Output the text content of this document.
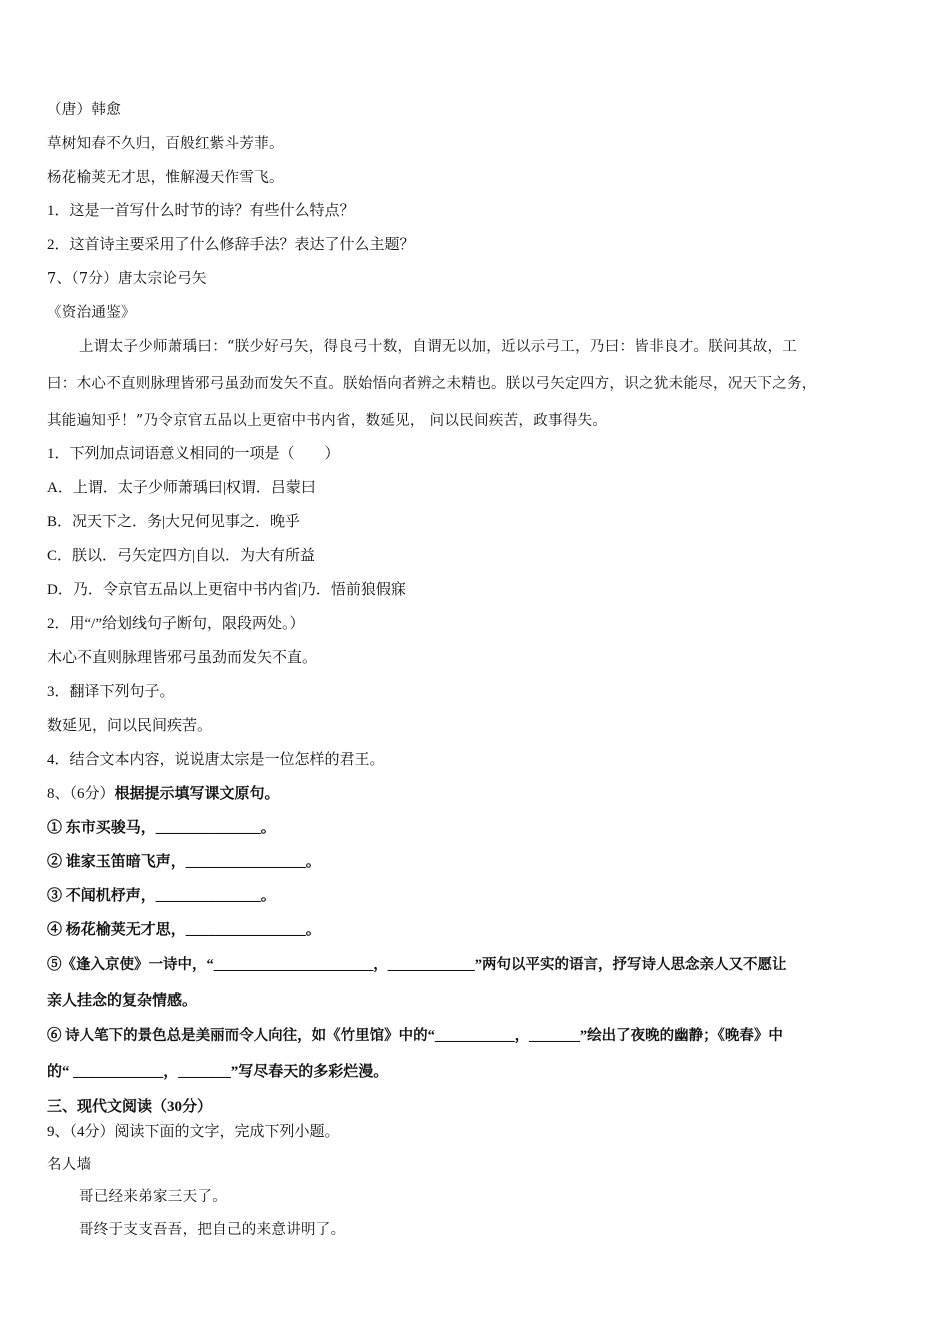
（唐）韩愈
草树知春不久归，百般红紫斗芳菲。
杨花榆荚无才思，惟解漫天作雪飞。
1．这是一首写什么时节的诗？有些什么特点？
2．这首诗主要采用了什么修辞手法？表达了什么主题？
7、（7分）唐太宗论弓矢
《资治通鉴》
上谓太子少师萧瑀曰：“朕少好弓矢，得良弓十数，自谓无以加，近以示弓工，乃曰：皆非良才。朕问其故，工
曰：木心不直则脉理皆邪弓虽劲而发矢不直。朕始悟向者辨之未精也。朕以弓矢定四方，识之犹未能尽，况天下之务，
其能遍知乎！”乃令京官五品以上更宿中书内省，数延见， 问以民间疾苦，政事得失。
1．下列加点词语意义相同的一项是（　　）
A．上谓．太子少师萧瑀曰|权谓．吕蒙曰
B．况天下之．务|大兄何见事之．晚乎
C．朕以．弓矢定四方|自以．为大有所益
D．乃．令京官五品以上更宿中书内省|乃．悟前狼假寐
2．用“/”给划线句子断句，限段两处。）
木心不直则脉理皆邪弓虽劲而发矢不直。
3．翻译下列句子。
数延见，问以民间疾苦。
4．结合文本内容，说说唐太宗是一位怎样的君王。
8、（6分）根据提示填写课文原句。
① 东市买骏马，______________。
② 谁家玉笛暗飞声，________________。
③ 不闻机杼声，______________。
④ 杨花榆荚无才思，________________。
⑤《逢入京使》一诗中，“______________________，____________”两句以平实的语言，抒写诗人思念亲人又不愿让
亲人挂念的复杂情感。
⑥ 诗人笔下的景色总是美丽而令人向往，如《竹里馆》中的“___________，_______”绘出了夜晚的幽静；《晚春》中
的“ ____________，_______”写尽春天的多彩烂漫。
三、现代文阅读（30分）
9、（4分）阅读下面的文字，完成下列小题。
名人墙
哥已经来弟家三天了。
哥终于支支吾吾，把自己的来意讲明了。
